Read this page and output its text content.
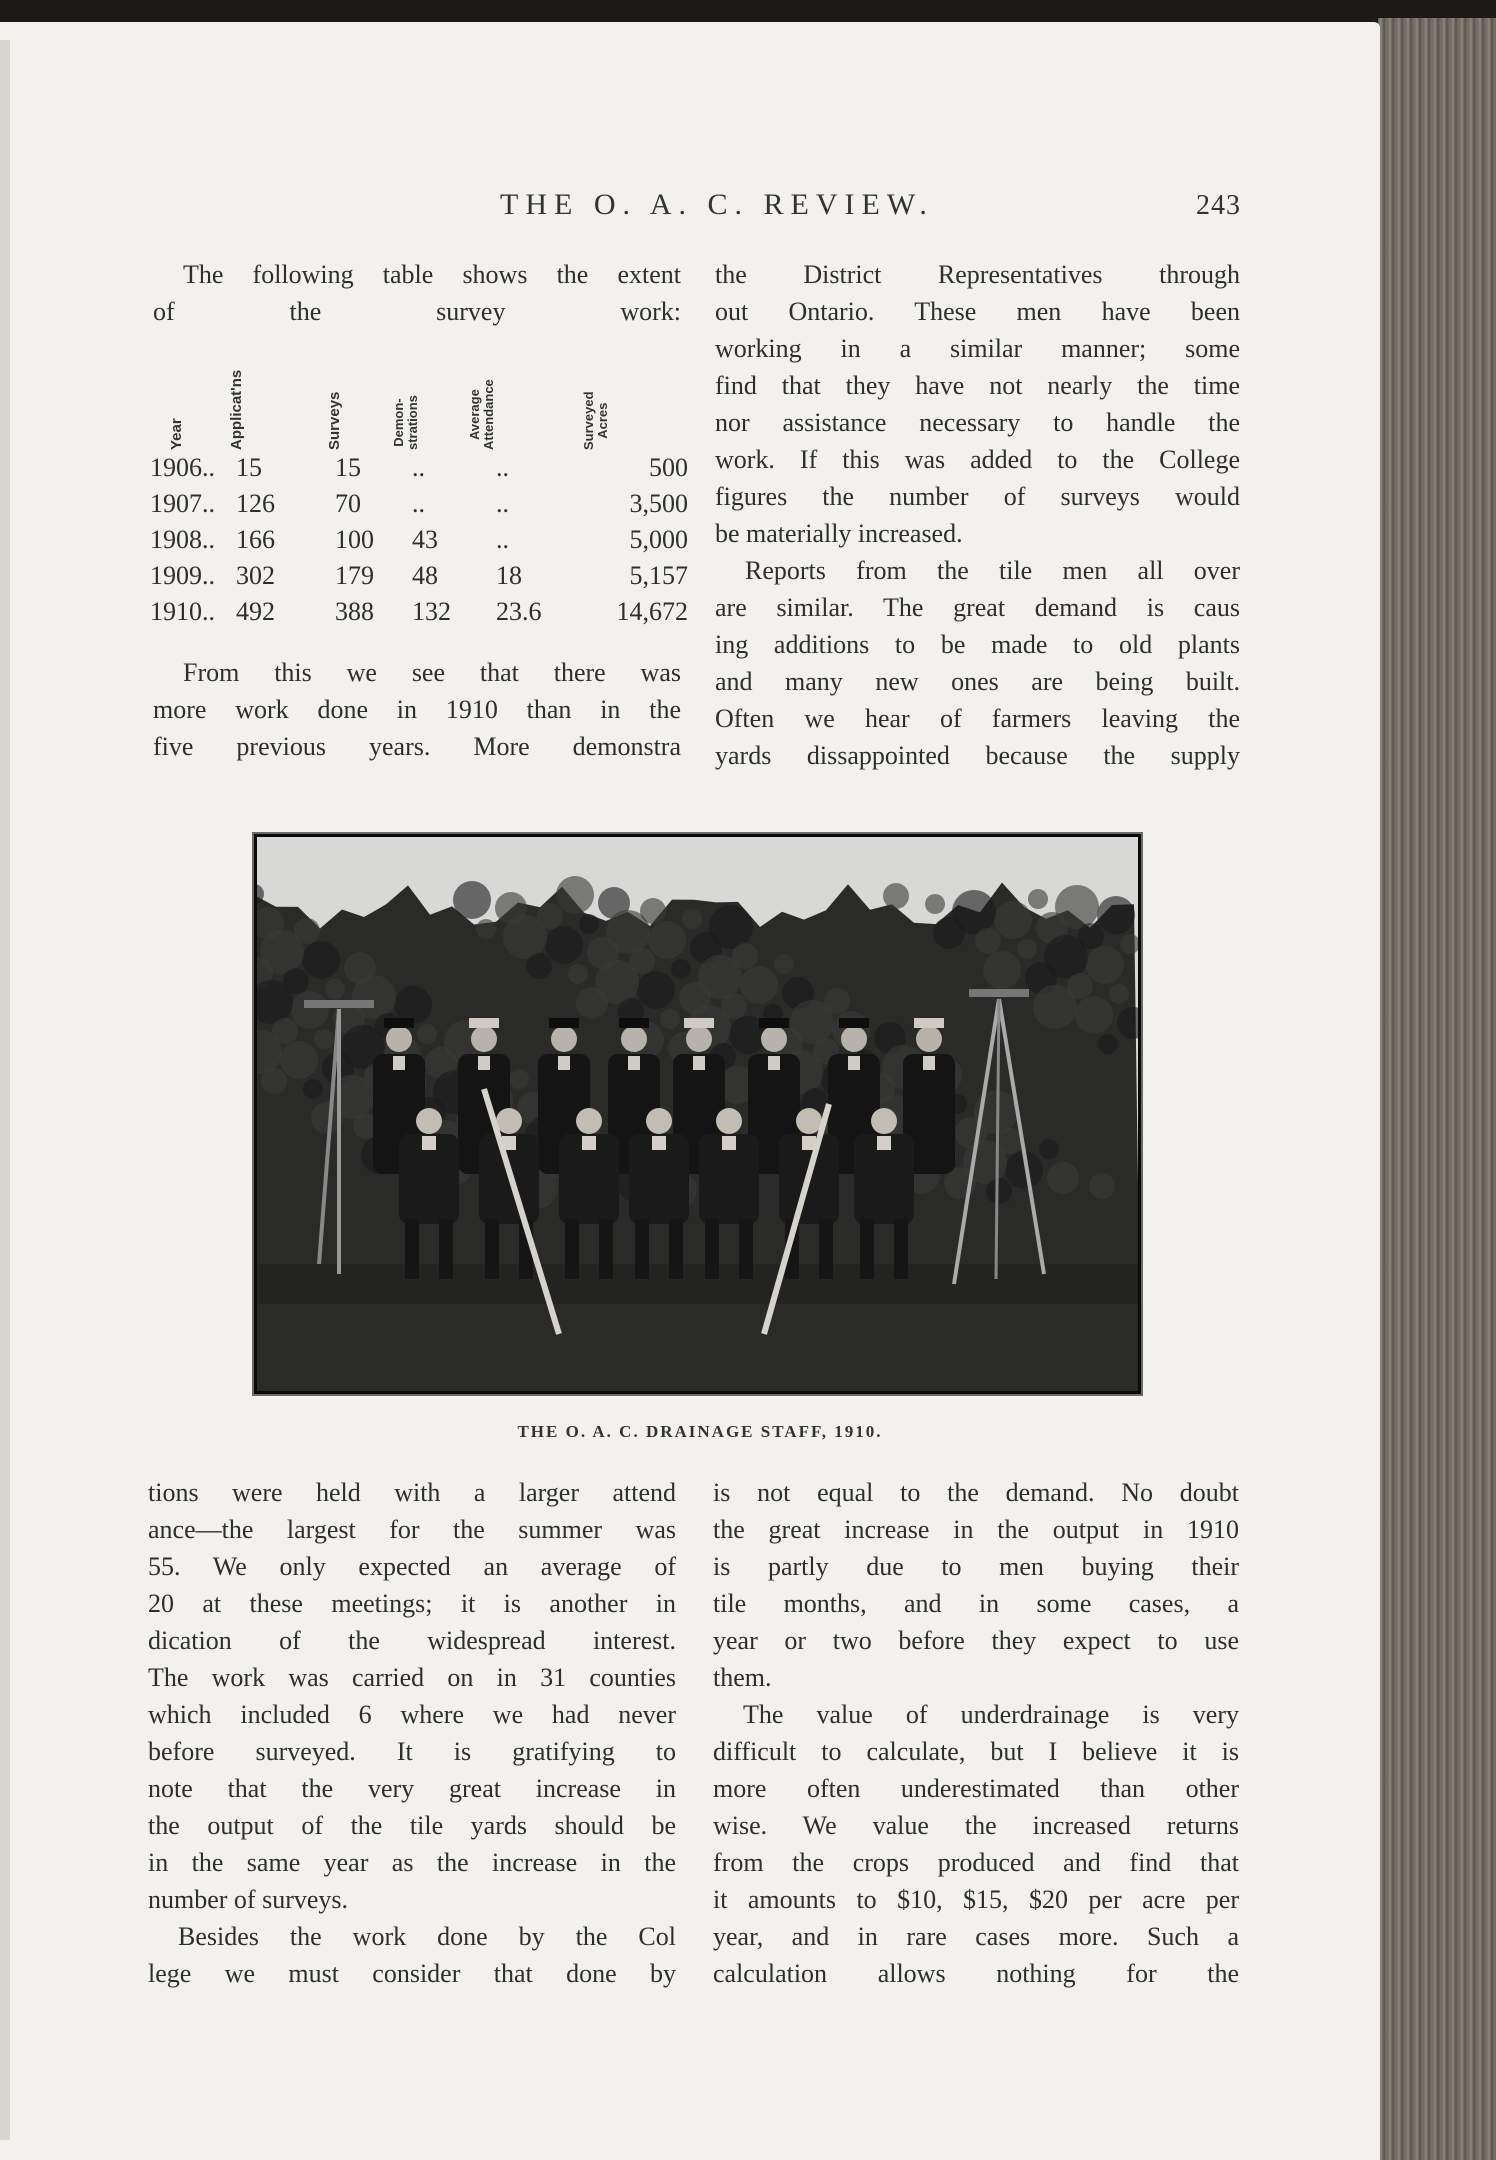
THE O. A. C. REVIEW.	243
The following table shows the extent
of the survey work:
Year	Applicat'ns	Surveys	Demon- strations	Average Attendance	Surveyed Acres
1906.. 15	15 ..	..	500
1907.. 126 70 ..	..	3,500
1908.. 166 100 43 ..	5,000
1909.. 302 179 48 18	5,157
1910.. 492 388 132 23.6	14,672
From this we see that there was
more work done in 1910 than in the
five previous years. More demonstra
the District Representatives through
out Ontario. These men have been
working in a similar manner; some
find that they have not nearly the time
nor assistance necessary to handle the
work. If this was added to the College
figures the number of surveys would
be materially increased.
Reports from the tile men all over
are similar. The great demand is caus
ing additions to be made to old plants
and many new ones are being built.
Often we hear of farmers leaving the
yards dissappointed because the supply
THE O. A. C. DRAINAGE STAFF, 1910.
tions were held with a larger attend
ance—the largest for the summer was
55. We only expected an average of
20 at these meetings; it is another in
dication of the widespread interest.
The work was carried on in 31 counties
which included 6 where we had never
before surveyed. It is gratifying to
note that the very great increase in
the output of the tile yards should be
in the same year as the increase in the
number of surveys.
Besides the work done by the Col
lege we must consider that done by
is not equal to the demand. No doubt
the great increase in the output in 1910
is partly due to men buying their
tile months, and in some cases, a
year or two before they expect to use
them.
The value of underdrainage is very
difficult to calculate, but I believe it is
more often underestimated than other
wise. We value the increased returns
from the crops produced and find that
it amounts to $10, $15, $20 per acre per
year, and in rare cases more. Such a
calculation allows nothing for the
